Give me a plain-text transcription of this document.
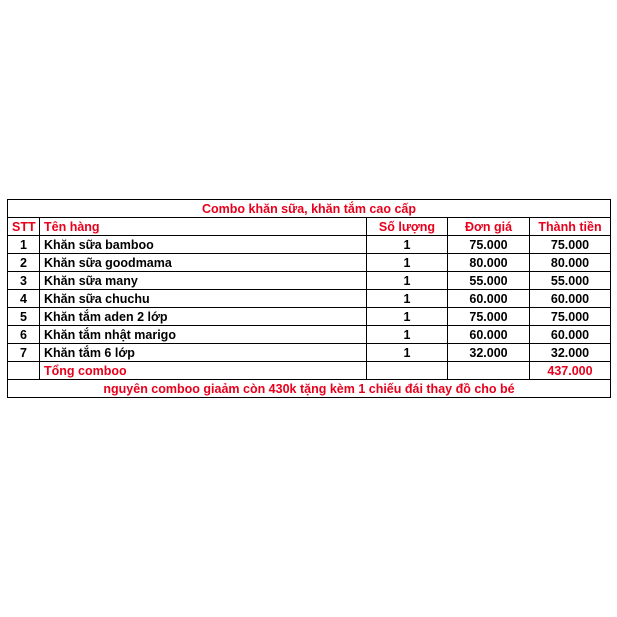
Combo khăn sữa, khăn tắm cao cấp				
STT	Tên hàng	Số lượng	Đơn giá	Thành tiền
1	Khăn sữa bamboo	1	75.000	75.000
2	Khăn sữa goodmama	1	80.000	80.000
3	Khăn sữa many	1	55.000	55.000
4	Khăn sữa chuchu	1	60.000	60.000
5	Khăn tắm aden 2 lớp	1	75.000	75.000
6	Khăn tắm nhật marigo	1	60.000	60.000
7	Khăn tắm 6 lớp	1	32.000	32.000
	Tổng comboo			437.000
nguyên comboo giaảm còn 430k tặng kèm 1 chiếu đái thay đồ cho bé				
